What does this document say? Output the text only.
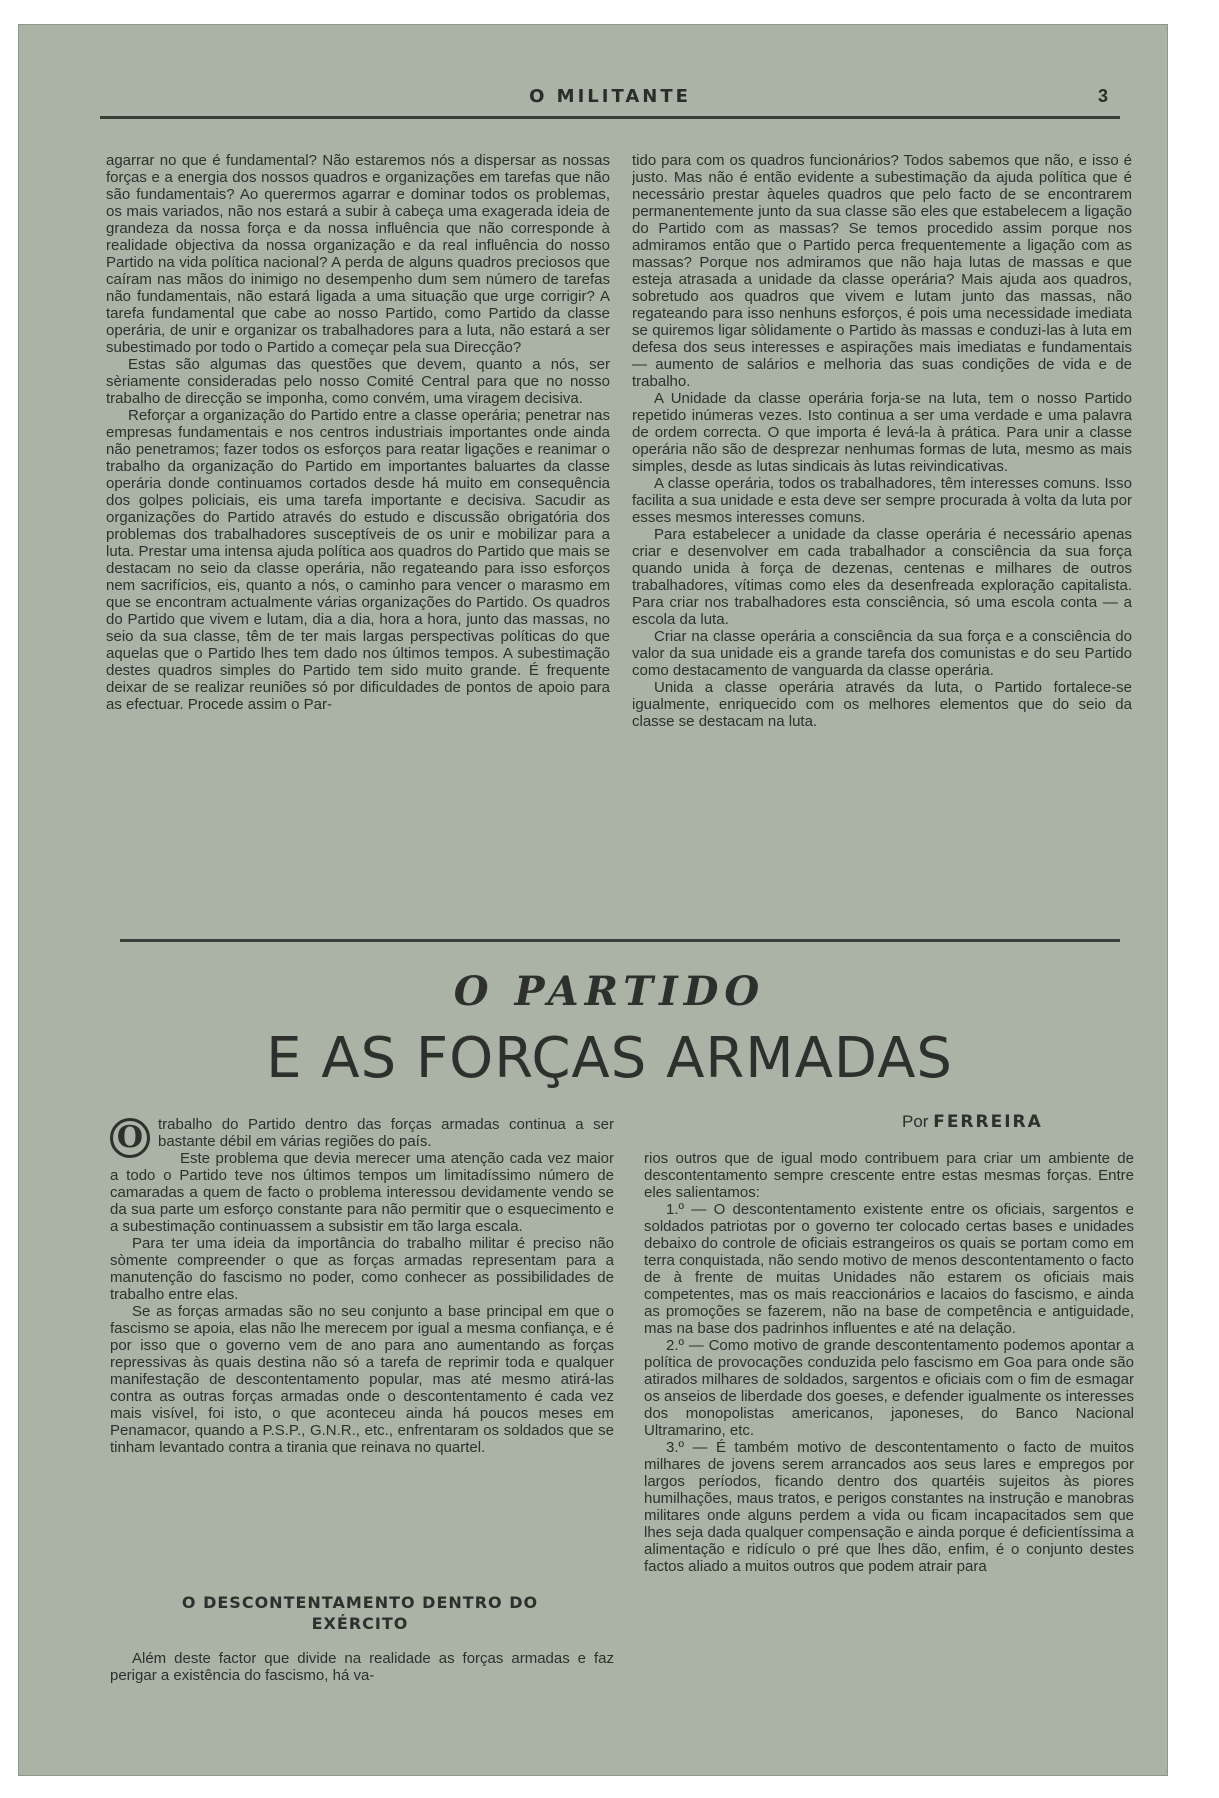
O MILITANTE	3

agarrar no que é fundamental? Não estaremos nós a dispersar as nossas forças e a energia dos nossos quadros e organizações em tarefas que não são fundamentais? Ao querermos agarrar e dominar todos os problemas, os mais variados, não nos estará a subir à cabeça uma exagerada ideia de grandeza da nossa força e da nossa influência que não corresponde à realidade objectiva da nossa organização e da real influência do nosso Partido na vida política nacional? A perda de alguns quadros preciosos que caíram nas mãos do inimigo no desempenho dum sem número de tarefas não fundamentais, não estará ligada a uma situação que urge corrigir? A tarefa fundamental que cabe ao nosso Partido, como Partido da classe operária, de unir e organizar os trabalhadores para a luta, não estará a ser subestimado por todo o Partido a começar pela sua Direcção?

Estas são algumas das questões que devem, quanto a nós, ser sèriamente consideradas pelo nosso Comité Central para que no nosso trabalho de direcção se imponha, como convém, uma viragem decisiva.

Reforçar a organização do Partido entre a classe operária; penetrar nas empresas fundamentais e nos centros industriais importantes onde ainda não penetramos; fazer todos os esforços para reatar ligações e reanimar o trabalho da organização do Partido em importantes baluartes da classe operária donde continuamos cortados desde há muito em consequência dos golpes policiais, eis uma tarefa importante e decisiva. Sacudir as organizações do Partido através do estudo e discussão obrigatória dos problemas dos trabalhadores susceptíveis de os unir e mobilizar para a luta. Prestar uma intensa ajuda política aos quadros do Partido que mais se destacam no seio da classe operária, não regateando para isso esforços nem sacrifícios, eis, quanto a nós, o caminho para vencer o marasmo em que se encontram actualmente várias organizações do Partido. Os quadros do Partido que vivem e lutam, dia a dia, hora a hora, junto das massas, no seio da sua classe, têm de ter mais largas perspectivas políticas do que aquelas que o Partido lhes tem dado nos últimos tempos. A subestimação destes quadros simples do Partido tem sido muito grande. É frequente deixar de se realizar reuniões só por dificuldades de pontos de apoio para as efectuar. Procede assim o Par-

tido para com os quadros funcionários? Todos sabemos que não, e isso é justo. Mas não é então evidente a subestimação da ajuda política que é necessário prestar àqueles quadros que pelo facto de se encontrarem permanentemente junto da sua classe são eles que estabelecem a ligação do Partido com as massas? Se temos procedido assim porque nos admiramos então que o Partido perca frequentemente a ligação com as massas? Porque nos admiramos que não haja lutas de massas e que esteja atrasada a unidade da classe operária? Mais ajuda aos quadros, sobretudo aos quadros que vivem e lutam junto das massas, não regateando para isso nenhuns esforços, é pois uma necessidade imediata se quiremos ligar sòlidamente o Partido às massas e conduzi-las à luta em defesa dos seus interesses e aspirações mais imediatas e fundamentais — aumento de salários e melhoria das suas condições de vida e de trabalho.

A Unidade da classe operária forja-se na luta, tem o nosso Partido repetido inúmeras vezes. Isto continua a ser uma verdade e uma palavra de ordem correcta. O que importa é levá-la à prática. Para unir a classe operária não são de desprezar nenhumas formas de luta, mesmo as mais simples, desde as lutas sindicais às lutas reivindicativas.

A classe operária, todos os trabalhadores, têm interesses comuns. Isso facilita a sua unidade e esta deve ser sempre procurada à volta da luta por esses mesmos interesses comuns.

Para estabelecer a unidade da classe operária é necessário apenas criar e desenvolver em cada trabalhador a consciência da sua força quando unida à força de dezenas, centenas e milhares de outros trabalhadores, vítimas como eles da desenfreada exploração capitalista. Para criar nos trabalhadores esta consciência, só uma escola conta — a escola da luta.

Criar na classe operária a consciência da sua força e a consciência do valor da sua unidade eis a grande tarefa dos comunistas e do seu Partido como destacamento de vanguarda da classe operária.

Unida a classe operária através da luta, o Partido fortalece-se igualmente, enriquecido com os melhores elementos que do seio da classe se destacam na luta.

O PARTIDO
E AS FORÇAS ARMADAS
Por FERREIRA

O trabalho do Partido dentro das forças armadas continua a ser bastante débil em várias regiões do país.

Este problema que devia merecer uma atenção cada vez maior a todo o Partido teve nos últimos tempos um limitadíssimo número de camaradas a quem de facto o problema interessou devidamente vendo se da sua parte um esforço constante para não permitir que o esquecimento e a subestimação continuassem a subsistir em tão larga escala.

Para ter uma ideia da importância do trabalho militar é preciso não sòmente compreender o que as forças armadas representam para a manutenção do fascismo no poder, como conhecer as possibilidades de trabalho entre elas.

Se as forças armadas são no seu conjunto a base principal em que o fascismo se apoia, elas não lhe merecem por igual a mesma confiança, e é por isso que o governo vem de ano para ano aumentando as forças repressivas às quais destina não só a tarefa de reprimir toda e qualquer manifestação de descontentamento popular, mas até mesmo atirá-las contra as outras forças armadas onde o descontentamento é cada vez mais visível, foi isto, o que aconteceu ainda há poucos meses em Penamacor, quando a P.S.P., G.N.R., etc., enfrentaram os soldados que se tinham levantado contra a tirania que reinava no quartel.

O DESCONTENTAMENTO DENTRO DO
EXÉRCITO

Além deste factor que divide na realidade as forças armadas e faz perigar a existência do fascismo, há va-

rios outros que de igual modo contribuem para criar um ambiente de descontentamento sempre crescente entre estas mesmas forças. Entre eles salientamos:

1.º — O descontentamento existente entre os oficiais, sargentos e soldados patriotas por o governo ter colocado certas bases e unidades debaixo do controle de oficiais estrangeiros os quais se portam como em terra conquistada, não sendo motivo de menos descontentamento o facto de à frente de muitas Unidades não estarem os oficiais mais competentes, mas os mais reaccionários e lacaios do fascismo, e ainda as promoções se fazerem, não na base de competência e antiguidade, mas na base dos padrinhos influentes e até na delação.

2.º — Como motivo de grande descontentamento podemos apontar a política de provocações conduzida pelo fascismo em Goa para onde são atirados milhares de soldados, sargentos e oficiais com o fim de esmagar os anseios de liberdade dos goeses, e defender igualmente os interesses dos monopolistas americanos, japoneses, do Banco Nacional Ultramarino, etc.

3.º — É também motivo de descontentamento o facto de muitos milhares de jovens serem arrancados aos seus lares e empregos por largos períodos, ficando dentro dos quartéis sujeitos às piores humilhações, maus tratos, e perigos constantes na instrução e manobras militares onde alguns perdem a vida ou ficam incapacitados sem que lhes seja dada qualquer compensação e ainda porque é deficientíssima a alimentação e ridículo o pré que lhes dão, enfim, é o conjunto destes factos aliado a muitos outros que podem atrair para
